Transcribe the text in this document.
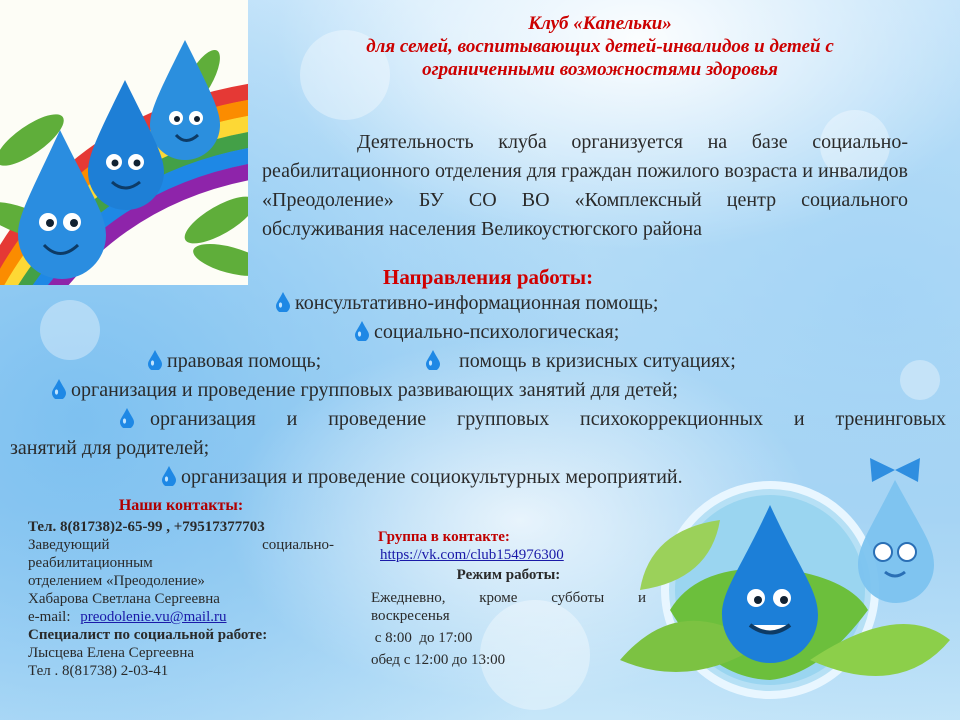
Клуб «Капельки»
для семей, воспитывающих детей-инвалидов и детей с
ограниченными возможностями здоровья
Деятельность клуба организуется на базе социально-реабилитационного отделения для граждан пожилого возраста и инвалидов «Преодоление» БУ СО ВО «Комплексный центр социального обслуживания населения Великоустюгского района
Направления работы:
консультативно-информационная помощь;
социально-психологическая;
правовая помощь;	помощь в кризисных ситуациях;
организация и проведение групповых развивающих занятий для детей;
организация и проведение групповых психокоррекционных и тренинговых
занятий для родителей;
организация и проведение социокультурных мероприятий.
Наши контакты:
Тел. 8(81738)2-65-99 , +79517377703
Заведующий	социально-
реабилитационным
отделением «Преодоление»
Хабарова Светлана Сергеевна
e-mail: preodolenie.vu@mail.ru
Специалист по социальной работе:
Лысцева Елена Сергеевна
Тел . 8(81738) 2-03-41
Группа в контакте:
https://vk.com/club154976300
Режим работы:
Ежедневно, кроме субботы и
воскресенья
с 8:00  до 17:00
обед с 12:00 до 13:00
